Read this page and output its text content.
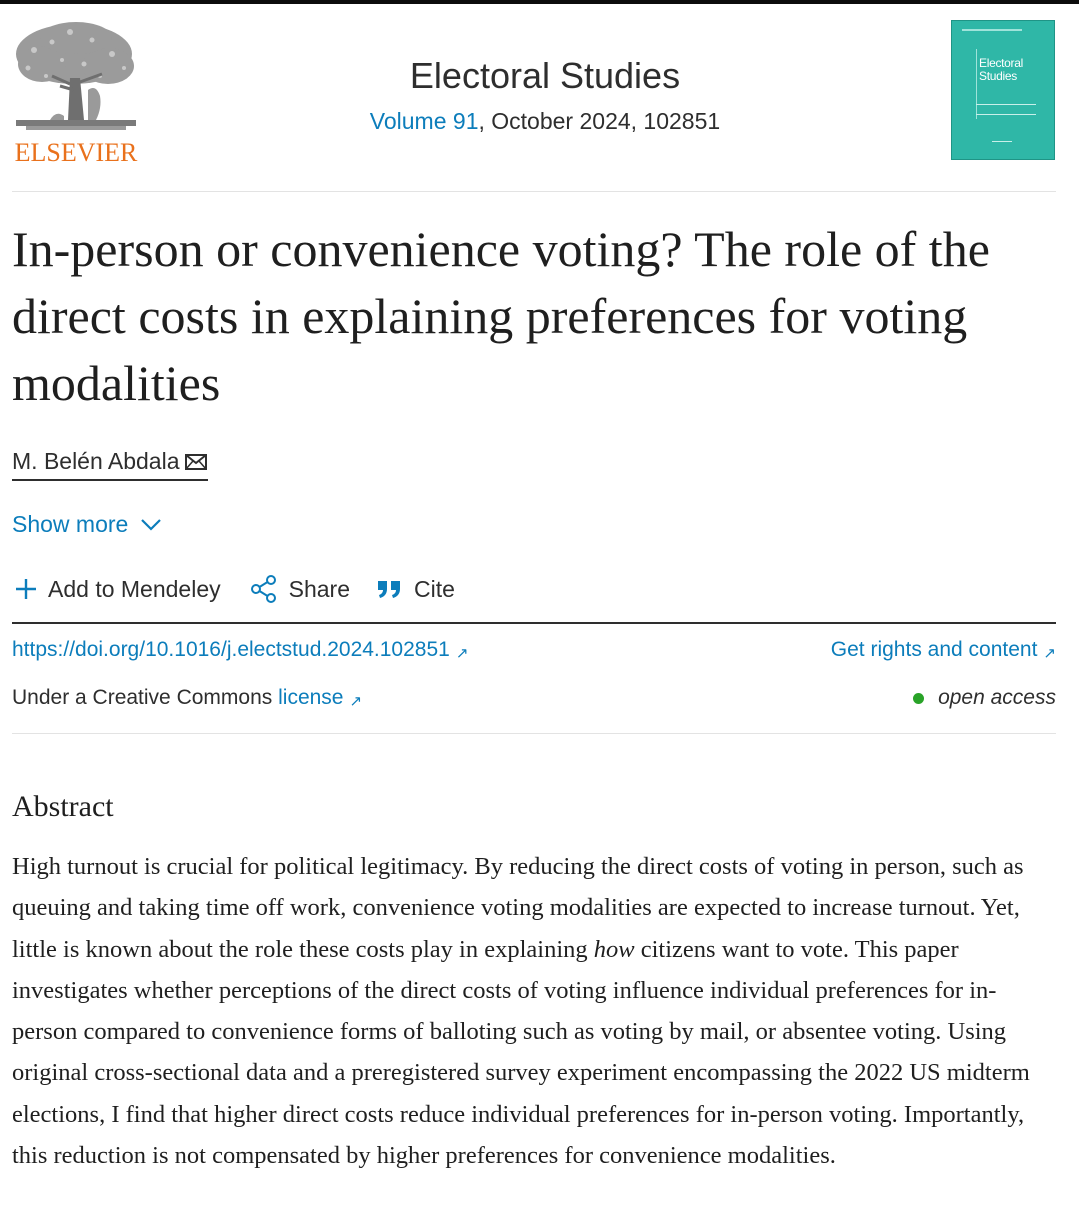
ELSEVIER
Electoral Studies
Volume 91, October 2024, 102851
Electoral
Studies
In-person or convenience voting? The role of the direct costs in explaining preferences for voting modalities
M. Belén Abdala
Show more
Add to Mendeley	Share	Cite
https://doi.org/10.1016/j.electstud.2024.102851 ↗	Get rights and content ↗
Under a Creative Commons license ↗	open access
Abstract

High turnout is crucial for political legitimacy. By reducing the direct costs of voting in person, such as queuing and taking time off work, convenience voting modalities are expected to increase turnout. Yet, little is known about the role these costs play in explaining how citizens want to vote. This paper investigates whether perceptions of the direct costs of voting influence individual preferences for in-person compared to convenience forms of balloting such as voting by mail, or absentee voting. Using original cross-sectional data and a preregistered survey experiment encompassing the 2022 US midterm elections, I find that higher direct costs reduce individual preferences for in-person voting. Importantly, this reduction is not compensated by higher preferences for convenience modalities.
